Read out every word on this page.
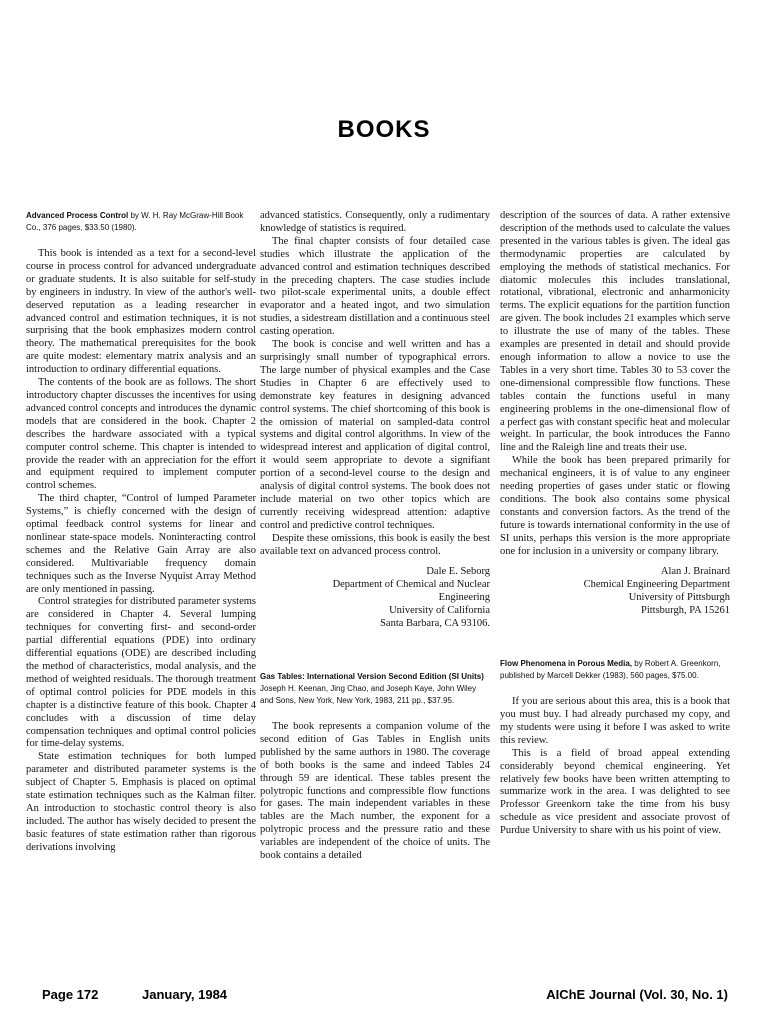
BOOKS

Advanced Process Control by W. H. Ray McGraw-Hill Book Co., 376 pages, $33.50 (1980).

This book is intended as a text for a second-level course in process control for advanced undergraduate or graduate students. It is also suitable for self-study by engineers in industry. In view of the author's well-deserved reputation as a leading researcher in advanced control and estimation techniques, it is not surprising that the book emphasizes modern control theory. The mathematical prerequisites for the book are quite modest: elementary matrix analysis and an introduction to ordinary differential equations.

The contents of the book are as follows. The short introductory chapter discusses the incentives for using advanced control concepts and introduces the dynamic models that are considered in the book. Chapter 2 describes the hardware associated with a typical computer control scheme. This chapter is intended to provide the reader with an appreciation for the effort and equipment required to implement computer control schemes.

The third chapter, “Control of lumped Parameter Systems,” is chiefly concerned with the design of optimal feedback control systems for linear and nonlinear state-space models. Noninteracting control schemes and the Relative Gain Array are also considered. Multivariable frequency domain techniques such as the Inverse Nyquist Array Method are only mentioned in passing.

Control strategies for distributed parameter systems are considered in Chapter 4. Several lumping techniques for converting first- and second-order partial differential equations (PDE) into ordinary differential equations (ODE) are described including the method of characteristics, modal analysis, and the method of weighted residuals. The thorough treatment of optimal control policies for PDE models in this chapter is a distinctive feature of this book. Chapter 4 concludes with a discussion of time delay compensation techniques and optimal control policies for time-delay systems.

State estimation techniques for both lumped parameter and distributed parameter systems is the subject of Chapter 5. Emphasis is placed on optimal state estimation techniques such as the Kalman filter. An introduction to stochastic control theory is also included. The author has wisely decided to present the basic features of state estimation rather than rigorous derivations involving

advanced statistics. Consequently, only a rudimentary knowledge of statistics is required.

The final chapter consists of four detailed case studies which illustrate the application of the advanced control and estimation techniques described in the preceding chapters. The case studies include two pilot-scale experimental units, a double effect evaporator and a heated ingot, and two simulation studies, a sidestream distillation and a continuous steel casting operation.

The book is concise and well written and has a surprisingly small number of typographical errors. The large number of physical examples and the Case Studies in Chapter 6 are effectively used to demonstrate key features in designing advanced control systems. The chief shortcoming of this book is the omission of material on sampled-data control systems and digital control algorithms. In view of the widespread interest and application of digital control, it would seem appropriate to devote a signifiant portion of a second-level course to the design and analysis of digital control systems. The book does not include material on two other topics which are currently receiving widespread attention: adaptive control and predictive control techniques.

Despite these omissions, this book is easily the best available text on advanced process control.

Dale E. Seborg
Department of Chemical and Nuclear
Engineering
University of California
Santa Barbara, CA 93106.

Gas Tables: International Version Second Edition (SI Units) Joseph H. Keenan, Jing Chao, and Joseph Kaye, John Wiley and Sons, New York, New York, 1983, 211 pp., $37.95.

The book represents a companion volume of the second edition of Gas Tables in English units published by the same authors in 1980. The coverage of both books is the same and indeed Tables 24 through 59 are identical. These tables present the polytropic functions and compressible flow functions for gases. The main independent variables in these tables are the Mach number, the exponent for a polytropic process and the pressure ratio and these variables are independent of the choice of units. The book contains a detailed

description of the sources of data. A rather extensive description of the methods used to calculate the values presented in the various tables is given. The ideal gas thermodynamic properties are calculated by employing the methods of statistical mechanics. For diatomic molecules this includes translational, rotational, vibrational, electronic and anharmonicity terms. The explicit equations for the partition function are given. The book includes 21 examples which serve to illustrate the use of many of the tables. These examples are presented in detail and should provide enough information to allow a novice to use the Tables in a very short time. Tables 30 to 53 cover the one-dimensional compressible flow functions. These tables contain the functions useful in many engineering problems in the one-dimensional flow of a perfect gas with constant specific heat and molecular weight. In particular, the book introduces the Fanno line and the Raleigh line and treats their use.

While the book has been prepared primarily for mechanical engineers, it is of value to any engineer needing properties of gases under static or flowing conditions. The book also contains some physical constants and conversion factors. As the trend of the future is towards international conformity in the use of SI units, perhaps this version is the more appropriate one for inclusion in a university or company library.

Alan J. Brainard
Chemical Engineering Department
University of Pittsburgh
Pittsburgh, PA 15261

Flow Phenomena in Porous Media, by Robert A. Greenkorn, published by Marcell Dekker (1983), 560 pages, $75.00.

If you are serious about this area, this is a book that you must buy. I had already purchased my copy, and my students were using it before I was asked to write this review.

This is a field of broad appeal extending considerably beyond chemical engineering. Yet relatively few books have been written attempting to summarize work in the area. I was delighted to see Professor Greenkorn take the time from his busy schedule as vice president and associate provost of Purdue University to share with us his point of view.

Page 172	January, 1984	AIChE Journal (Vol. 30, No. 1)
